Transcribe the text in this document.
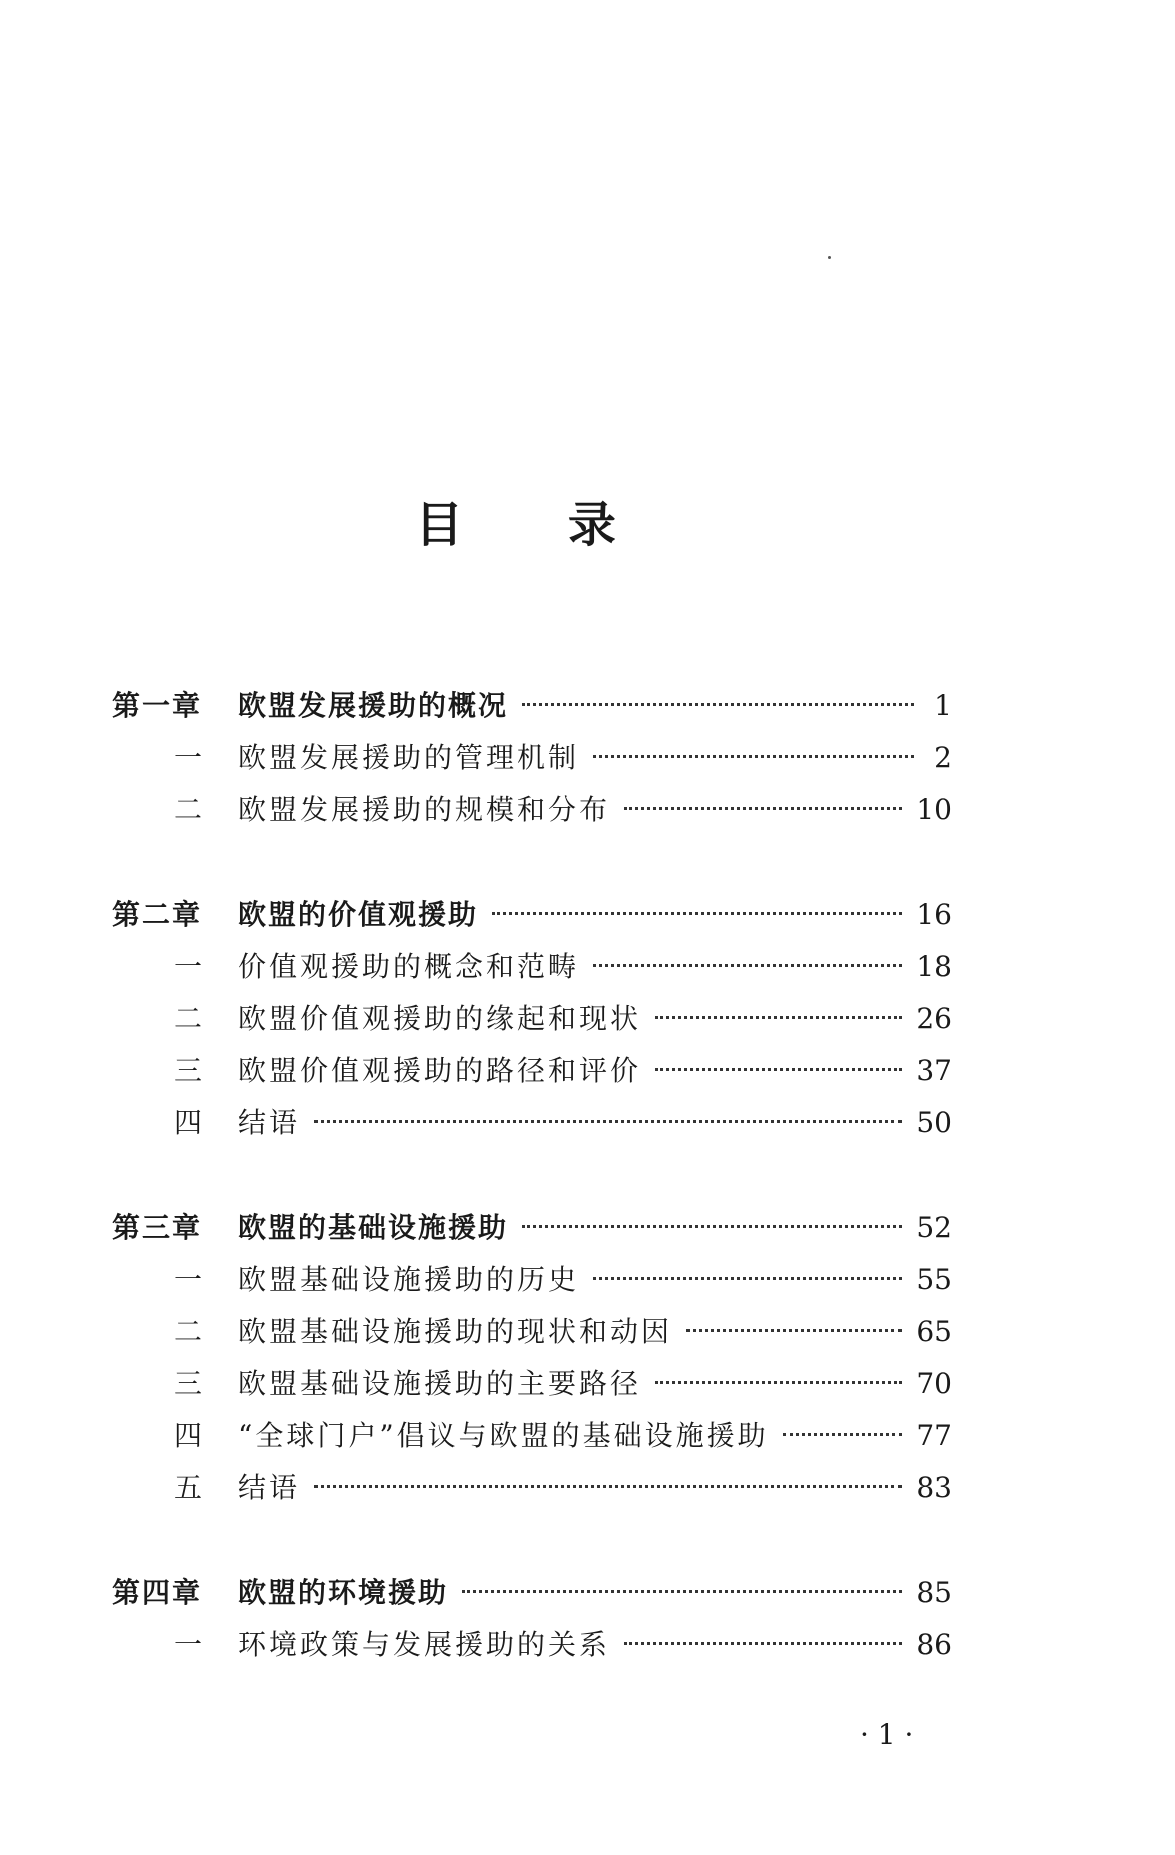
目 录
第一章	欧盟发展援助的概况	1
一	欧盟发展援助的管理机制	2
二	欧盟发展援助的规模和分布	10
第二章	欧盟的价值观援助	16
一	价值观援助的概念和范畴	18
二	欧盟价值观援助的缘起和现状	26
三	欧盟价值观援助的路径和评价	37
四	结语	50
第三章	欧盟的基础设施援助	52
一	欧盟基础设施援助的历史	55
二	欧盟基础设施援助的现状和动因	65
三	欧盟基础设施援助的主要路径	70
四	“全球门户”倡议与欧盟的基础设施援助	77
五	结语	83
第四章	欧盟的环境援助	85
一	环境政策与发展援助的关系	86
· 1 ·
